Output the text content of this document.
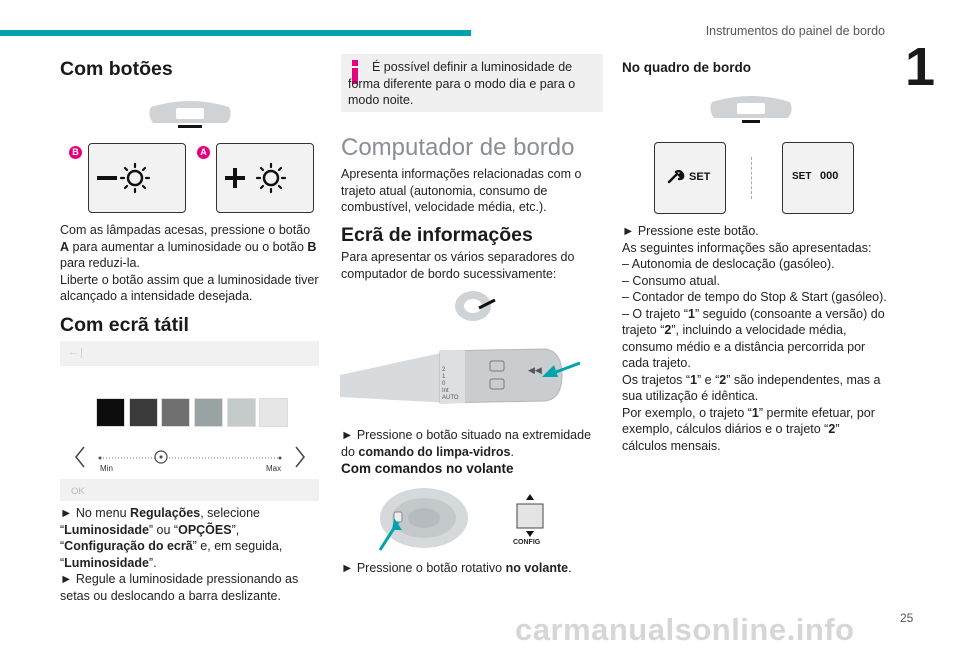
Instrumentos do painel de bordo
1
Com botões
B	A
Com as lâmpadas acesas, pressione o botão A para aumentar a luminosidade ou o botão B para reduzi-la.
Liberte o botão assim que a luminosidade tiver alcançado a intensidade desejada.
Com ecrã tátil
←
Min	Max
OK
► No menu Regulações, selecione “Luminosidade” ou “OPÇÕES”, “Configuração do ecrã” e, em seguida, “Luminosidade”.
► Regule a luminosidade pressionando as setas ou deslocando a barra deslizante.
É possível definir a luminosidade de forma diferente para o modo dia e para o modo noite.
Computador de bordo
Apresenta informações relacionadas com o trajeto atual (autonomia, consumo de combustível, velocidade média, etc.).
Ecrã de informações
Para apresentar os vários separadores do computador de bordo sucessivamente:
2
1
0
Int
AUTO
◀◀
► Pressione o botão situado na extremidade do comando do limpa-vidros.
Com comandos no volante
CONFIG
► Pressione o botão rotativo no volante.
No quadro de bordo
SET	SET 000
► Pressione este botão.
As seguintes informações são apresentadas:
– Autonomia de deslocação (gasóleo).
– Consumo atual.
– Contador de tempo do Stop & Start (gasóleo).
– O trajeto “1” seguido (consoante a versão) do trajeto “2”, incluindo a velocidade média, consumo médio e a distância percorrida por cada trajeto.
Os trajetos “1” e “2” são independentes, mas a sua utilização é idêntica.
Por exemplo, o trajeto “1” permite efetuar, por exemplo, cálculos diários e o trajeto “2” cálculos mensais.
25
carmanualsonline.info
